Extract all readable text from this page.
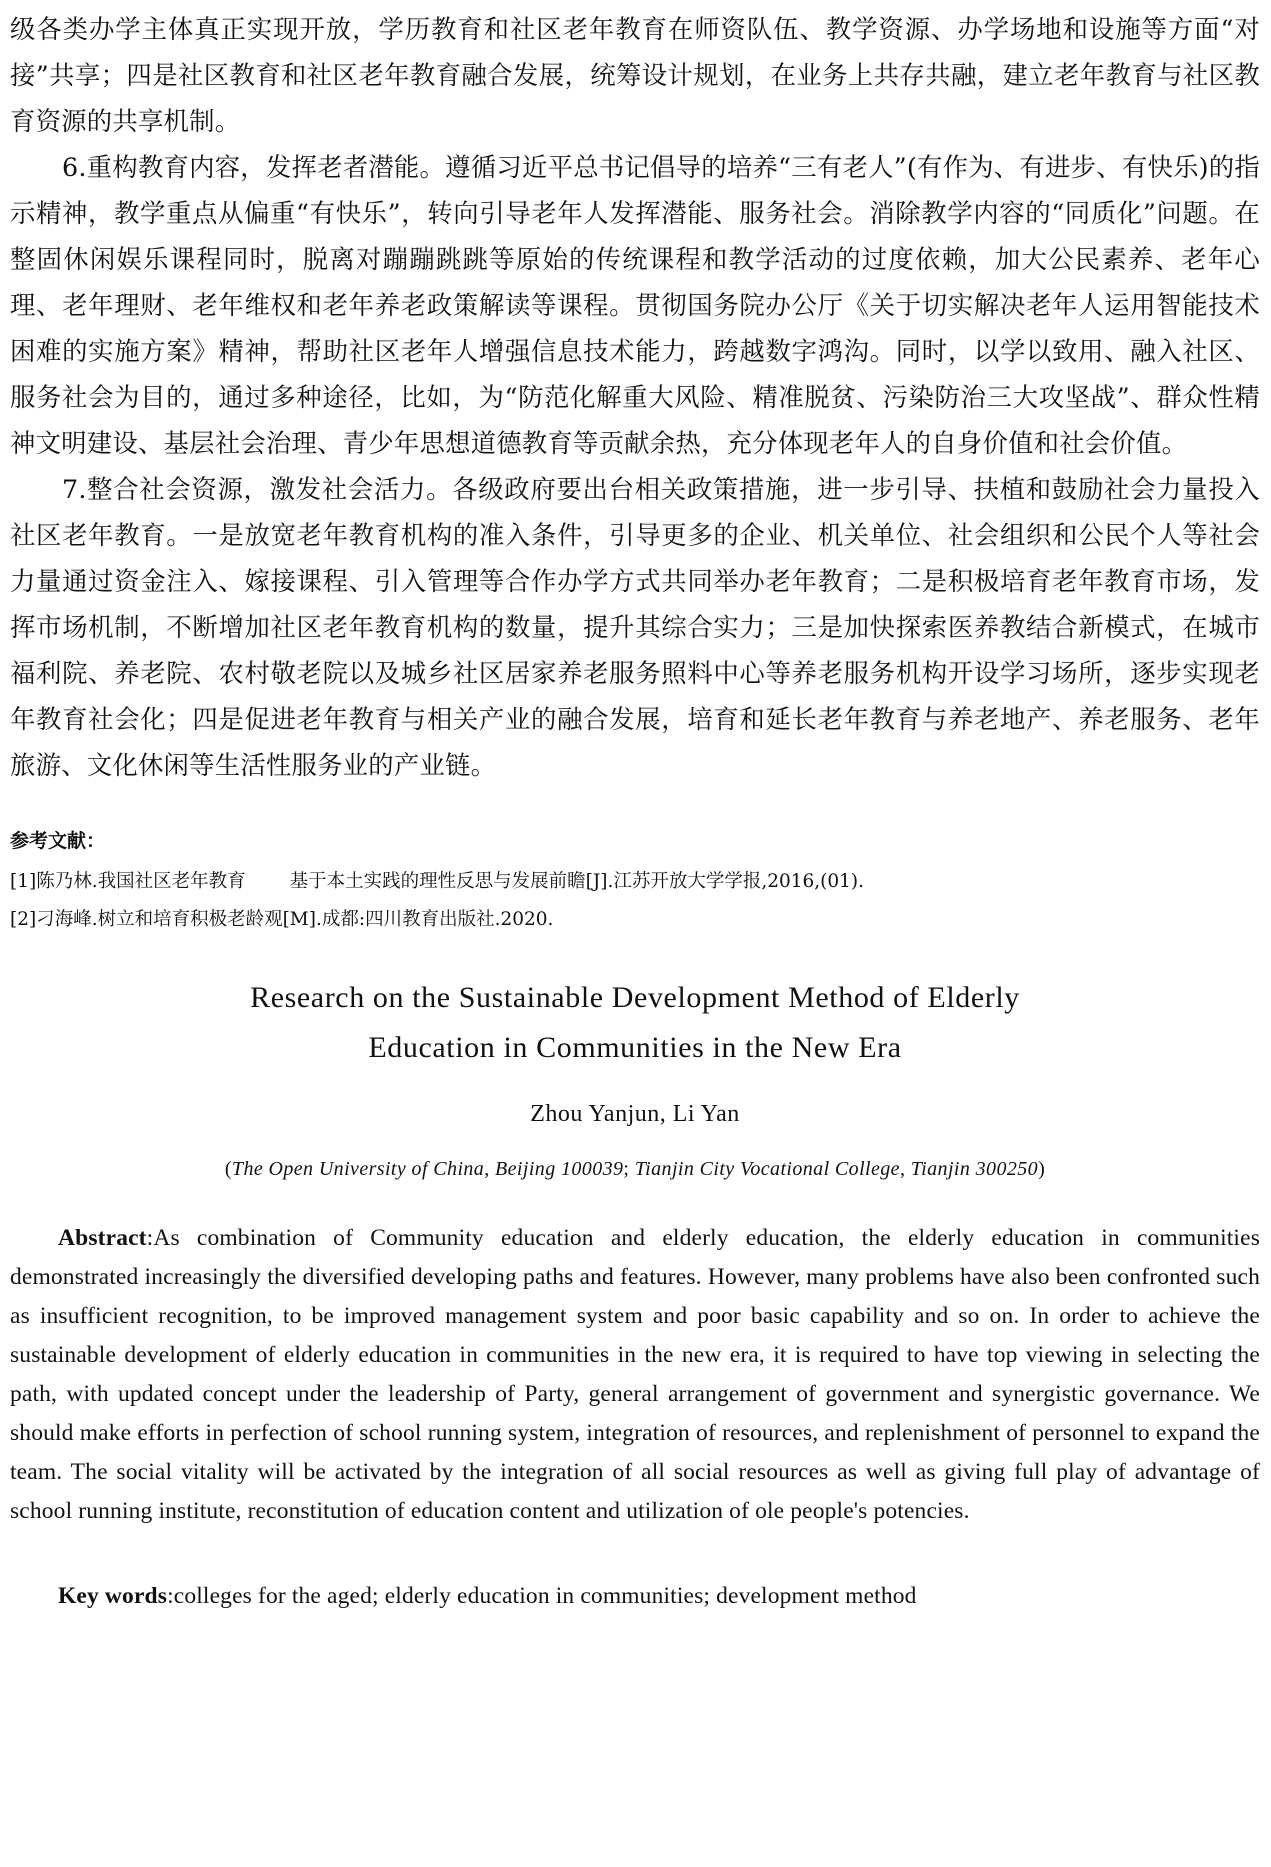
级各类办学主体真正实现开放，学历教育和社区老年教育在师资队伍、教学资源、办学场地和设施等方面“对接”共享；四是社区教育和社区老年教育融合发展，统筹设计规划，在业务上共存共融，建立老年教育与社区教育资源的共享机制。

6.重构教育内容，发挥老者潜能。遵循习近平总书记倡导的培养“三有老人”(有作为、有进步、有快乐)的指示精神，教学重点从偏重“有快乐”，转向引导老年人发挥潜能、服务社会。消除教学内容的“同质化”问题。在整固休闲娱乐课程同时，脱离对蹦蹦跳跳等原始的传统课程和教学活动的过度依赖，加大公民素养、老年心理、老年理财、老年维权和老年养老政策解读等课程。贯彻国务院办公厅《关于切实解决老年人运用智能技术困难的实施方案》精神，帮助社区老年人增强信息技术能力，跨越数字鸿沟。同时，以学以致用、融入社区、服务社会为目的，通过多种途径，比如，为“防范化解重大风险、精准脱贫、污染防治三大攻坚战”、群众性精神文明建设、基层社会治理、青少年思想道德教育等贡献余热，充分体现老年人的自身价值和社会价值。

7.整合社会资源，激发社会活力。各级政府要出台相关政策措施，进一步引导、扶植和鼓励社会力量投入社区老年教育。一是放宽老年教育机构的准入条件，引导更多的企业、机关单位、社会组织和公民个人等社会力量通过资金注入、嫁接课程、引入管理等合作办学方式共同举办老年教育；二是积极培育老年教育市场，发挥市场机制，不断增加社区老年教育机构的数量，提升其综合实力；三是加快探索医养教结合新模式，在城市福利院、养老院、农村敬老院以及城乡社区居家养老服务照料中心等养老服务机构开设学习场所，逐步实现老年教育社会化；四是促进老年教育与相关产业的融合发展，培育和延长老年教育与养老地产、养老服务、老年旅游、文化休闲等生活性服务业的产业链。

参考文献：

[1]陈乃林.我国社区老年教育 基于本土实践的理性反思与发展前瞻[J].江苏开放大学学报,2016,(01).

[2]刁海峰.树立和培育积极老龄观[M].成都:四川教育出版社.2020.

Research on the Sustainable Development Method of Elderly
Education in Communities in the New Era
Zhou Yanjun, Li Yan
(The Open University of China, Beijing 100039; Tianjin City Vocational College, Tianjin 300250)

Abstract:As combination of Community education and elderly education, the elderly education in communities demonstrated increasingly the diversified developing paths and features. However, many problems have also been confronted such as insufficient recognition, to be improved management system and poor basic capability and so on. In order to achieve the sustainable development of elderly education in communities in the new era, it is required to have top viewing in selecting the path, with updated concept under the leadership of Party, general arrangement of government and synergistic governance. We should make efforts in perfection of school running system, integration of resources, and replenishment of personnel to expand the team. The social vitality will be activated by the integration of all social resources as well as giving full play of advantage of school running institute, reconstitution of education content and utilization of ole people's potencies.

Key words:colleges for the aged; elderly education in communities; development method
